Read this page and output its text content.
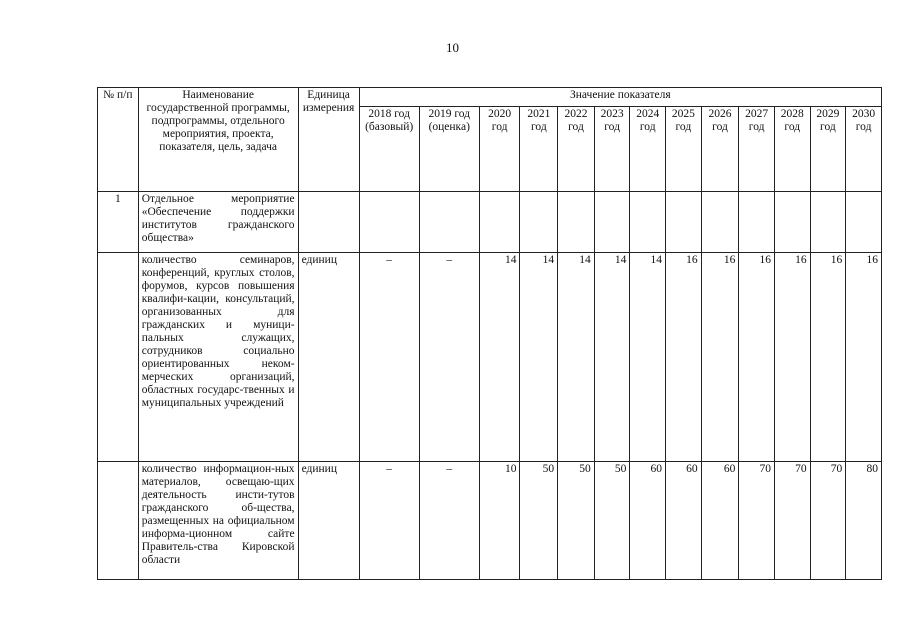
10
№ п/п	Наименование государственной программы, подпрограммы, отдельного мероприятия, проекта, показателя, цель, задача	Единица измерения	Значение показателя												
			2018 год (базовый)	2019 год (оценка)	2020 год	2021 год	2022 год	2023 год	2024 год	2025 год	2026 год	2027 год	2028 год	2029 год	2030 год
1	Отдельное мероприятие «Обеспечение поддержки институтов гражданского общества»														
	количество семинаров, конференций, круглых столов, форумов, курсов повышения квалифи-кации, консультаций, организованных для гражданских и муници-пальных служащих, сотрудников социально ориентированных неком-мерческих организаций, областных государс-твенных и муниципальных учреждений	единиц	–	–	14	14	14	14	14	16	16	16	16	16	16
	количество информацион-ных материалов, освещаю-щих деятельность инсти-тутов гражданского об-щества, размещенных на официальном информа-ционном сайте Правитель-ства Кировской области	единиц	–	–	10	50	50	50	60	60	60	70	70	70	80
